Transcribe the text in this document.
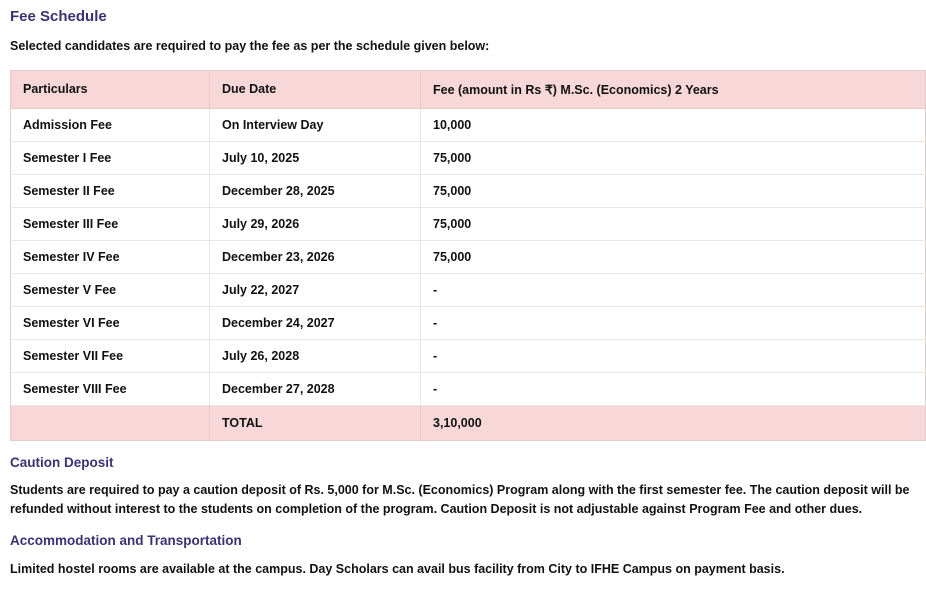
Fee Schedule

Selected candidates are required to pay the fee as per the schedule given below:

Particulars	Due Date	Fee (amount in Rs ₹) M.Sc. (Economics) 2 Years
Admission Fee	On Interview Day	10,000
Semester I Fee	July 10, 2025	75,000
Semester II Fee	December 28, 2025	75,000
Semester III Fee	July 29, 2026	75,000
Semester IV Fee	December 23, 2026	75,000
Semester V Fee	July 22, 2027	-
Semester VI Fee	December 24, 2027	-
Semester VII Fee	July 26, 2028	-
Semester VIII Fee	December 27, 2028	-
	TOTAL	3,10,000
Caution Deposit

Students are required to pay a caution deposit of Rs. 5,000 for M.Sc. (Economics) Program along with the first semester fee. The caution deposit will be refunded without interest to the students on completion of the program. Caution Deposit is not adjustable against Program Fee and other dues.

Accommodation and Transportation

Limited hostel rooms are available at the campus. Day Scholars can avail bus facility from City to IFHE Campus on payment basis.
